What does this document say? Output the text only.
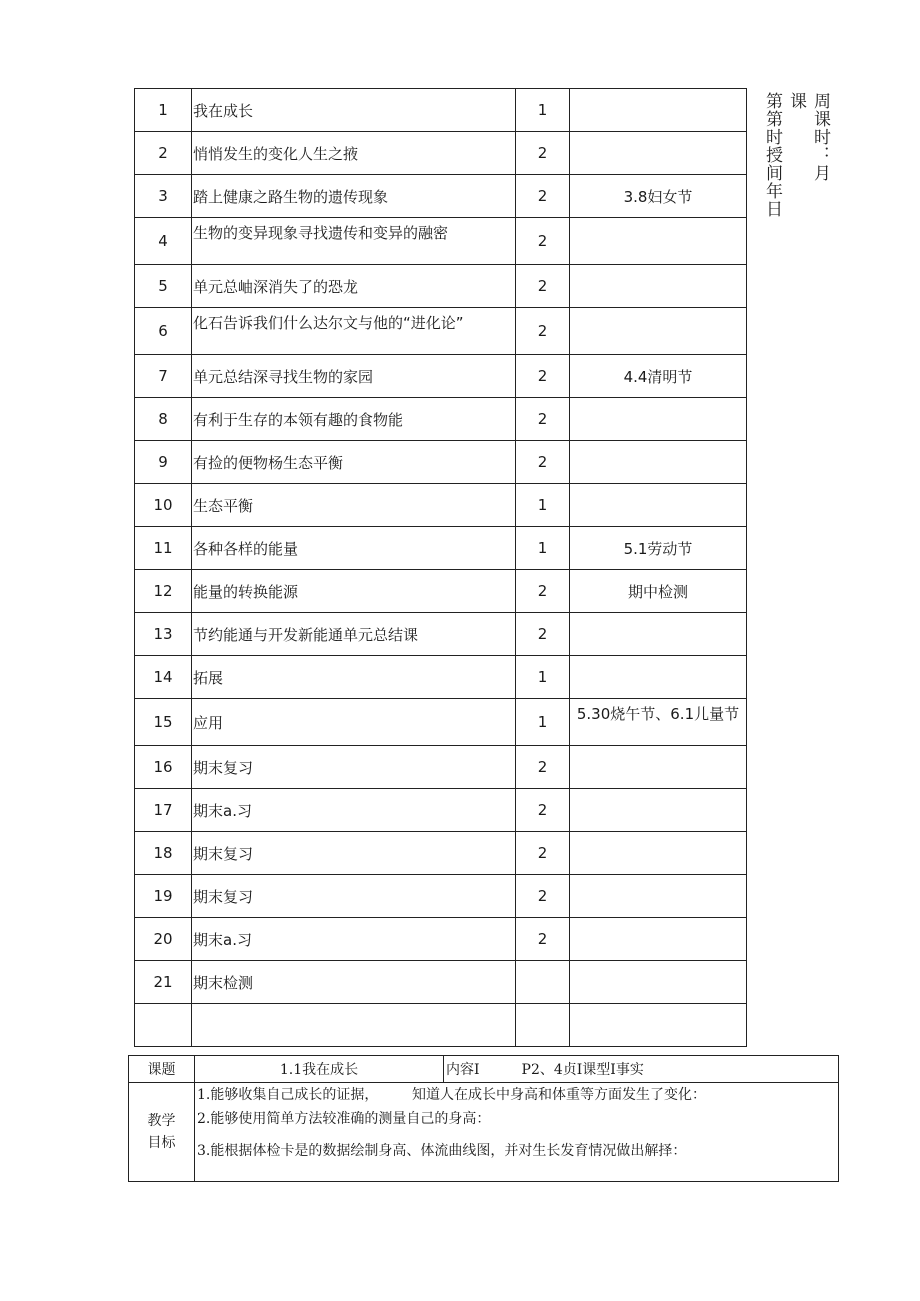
周课时：月
课
第第时授间年日
1	我在成长	1	
2	悄悄发生的变化人生之掖	2	
3	踏上健康之路生物的遗传现象	2	3.8妇女节
4	生物的变异现象寻找遗传和变异的融密	2	
5	单元总岫深消失了的恐龙	2	
6	化石告诉我们什么达尔文与他的“进化论”	2	
7	单元总结深寻找生物的家园	2	4.4清明节
8	有利于生存的本领有趣的食物能	2	
9	有捡的便物杨生态平衡	2	
10	生态平衡	1	
11	各种各样的能量	1	5.1劳动节
12	能量的转换能源	2	期中检测
13	节约能通与开发新能通单元总结课	2	
14	拓展	1	
15	应用	1	5.30烧午节、6.1儿量节
16	期末复习	2	
17	期末a.习	2	
18	期末复习	2	
19	期末复习	2	
20	期末a.习	2	
21	期末检测		

课题	1.1我在成长	内容I　　　P2、4贞I课型I事实

教学
目标	1.能够收集自己成长的证据， 知道人在成长中身高和体重等方面发生了变化：
2.能够使用简单方法较准确的测量自己的身高：
3.能根据体检卡是的数据绘制身高、体流曲线图，并对生长发育情况做出解择：	
